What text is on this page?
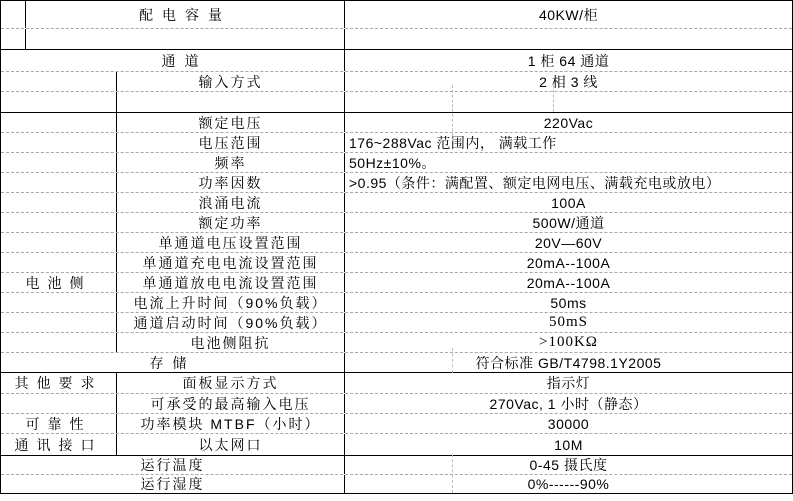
配电容量	40KW/柜
通道	1 柜 64 通道
输入方式	2 相 3 线
额定电压	220Vac
电压范围	176~288Vac 范围内， 满载工作
频率	50Hz±10%。
功率因数	>0.95（条件：满配置、额定电网电压、满载充电或放电）
浪涌电流	100A
额定功率	500W/通道
单通道电压设置范围	20V—60V
单通道充电电流设置范围	20mA--100A
电池侧	单通道放电电流设置范围	20mA--100A
电流上升时间（90%负载）	50ms
通道启动时间（90%负载）	50mS
电池侧阻抗	>100KΩ
存储	符合标准 GB/T4798.1Y2005
其他要求	面板显示方式	指示灯
可承受的最高输入电压	270Vac, 1 小时（静态）
可靠性	功率模块 MTBF（小时）	30000
通讯接口	以太网口	10M
运行温度	0-45 摄氏度
运行湿度	0%------90%
